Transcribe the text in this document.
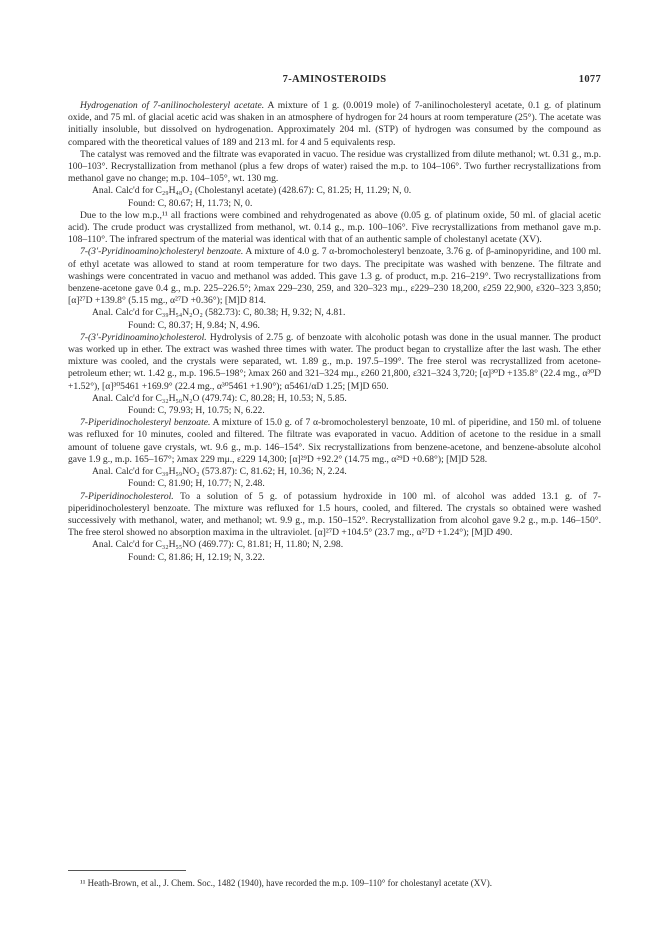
7-AMINOSTEROIDS	1077

Hydrogenation of 7-anilinocholesteryl acetate. A mixture of 1 g. (0.0019 mole) of 7-anilinocholesteryl acetate, 0.1 g. of platinum oxide, and 75 ml. of glacial acetic acid was shaken in an atmosphere of hydrogen for 24 hours at room temperature (25°). The acetate was initially insoluble, but dissolved on hydrogenation. Approximately 204 ml. (STP) of hydrogen was consumed by the compound as compared with the theoretical values of 189 and 213 ml. for 4 and 5 equivalents resp.

The catalyst was removed and the filtrate was evaporated in vacuo. The residue was crystallized from dilute methanol; wt. 0.31 g., m.p. 100–103°. Recrystallization from methanol (plus a few drops of water) raised the m.p. to 104–106°. Two further recrystallizations from methanol gave no change; m.p. 104–105°, wt. 130 mg.

Anal. Calc'd for C₂₉H₄₈O₂ (Cholestanyl acetate) (428.67): C, 81.25; H, 11.29; N, 0.

Found: C, 80.67; H, 11.73; N, 0.

Due to the low m.p.,¹¹ all fractions were combined and rehydrogenated as above (0.05 g. of platinum oxide, 50 ml. of glacial acetic acid). The crude product was crystallized from methanol, wt. 0.14 g., m.p. 100–106°. Five recrystallizations from methanol gave m.p. 108–110°. The infrared spectrum of the material was identical with that of an authentic sample of cholestanyl acetate (XV).

7-(3′-Pyridinoamino)cholesteryl benzoate. A mixture of 4.0 g. 7 α-bromocholesteryl benzoate, 3.76 g. of β-aminopyridine, and 100 ml. of ethyl acetate was allowed to stand at room temperature for two days. The precipitate was washed with benzene. The filtrate and washings were concentrated in vacuo and methanol was added. This gave 1.3 g. of product, m.p. 216–219°. Two recrystallizations from benzene-acetone gave 0.4 g., m.p. 225–226.5°; λmax 229–230, 259, and 320–323 mμ., ε229–230 18,200, ε259 22,900, ε320–323 3,850; [α]²⁷D +139.8° (5.15 mg., α²⁷D +0.36°); [M]D 814.

Anal. Calc'd for C₃₉H₅₄N₂O₂ (582.73): C, 80.38; H, 9.32; N, 4.81.

Found: C, 80.37; H, 9.84; N, 4.96.

7-(3′-Pyridinoamino)cholesterol. Hydrolysis of 2.75 g. of benzoate with alcoholic potash was done in the usual manner. The product was worked up in ether. The extract was washed three times with water. The product began to crystallize after the last wash. The ether mixture was cooled, and the crystals were separated, wt. 1.89 g., m.p. 197.5–199°. The free sterol was recrystallized from acetone-petroleum ether; wt. 1.42 g., m.p. 196.5–198°; λmax 260 and 321–324 mμ., ε260 21,800, ε321–324 3,720; [α]³⁰D +135.8° (22.4 mg., α³⁰D +1.52°), [α]³⁰5461 +169.9° (22.4 mg., α³⁰5461 +1.90°); α5461/αD 1.25; [M]D 650.

Anal. Calc'd for C₃₂H₅₀N₂O (479.74): C, 80.28; H, 10.53; N, 5.85.

Found: C, 79.93; H, 10.75; N, 6.22.

7-Piperidinocholesteryl benzoate. A mixture of 15.0 g. of 7 α-bromocholesteryl benzoate, 10 ml. of piperidine, and 150 ml. of toluene was refluxed for 10 minutes, cooled and filtered. The filtrate was evaporated in vacuo. Addition of acetone to the residue in a small amount of toluene gave crystals, wt. 9.6 g., m.p. 146–154°. Six recrystallizations from benzene-acetone, and benzene-absolute alcohol gave 1.9 g., m.p. 165–167°; λmax 229 mμ., ε229 14,300; [α]²⁹D +92.2° (14.75 mg., α²⁹D +0.68°); [M]D 528.

Anal. Calc'd for C₃₉H₅₉NO₂ (573.87): C, 81.62; H, 10.36; N, 2.24.

Found: C, 81.90; H, 10.77; N, 2.48.

7-Piperidinocholesterol. To a solution of 5 g. of potassium hydroxide in 100 ml. of alcohol was added 13.1 g. of 7-piperidinocholesteryl benzoate. The mixture was refluxed for 1.5 hours, cooled, and filtered. The crystals so obtained were washed successively with methanol, water, and methanol; wt. 9.9 g., m.p. 150–152°. Recrystallization from alcohol gave 9.2 g., m.p. 146–150°. The free sterol showed no absorption maxima in the ultraviolet. [α]²⁷D +104.5° (23.7 mg., α²⁷D +1.24°); [M]D 490.

Anal. Calc'd for C₃₂H₅₅NO (469.77): C, 81.81; H, 11.80; N, 2.98.

Found: C, 81.86; H, 12.19; N, 3.22.

¹¹ Heath-Brown, et al., J. Chem. Soc., 1482 (1940), have recorded the m.p. 109–110° for cholestanyl acetate (XV).
